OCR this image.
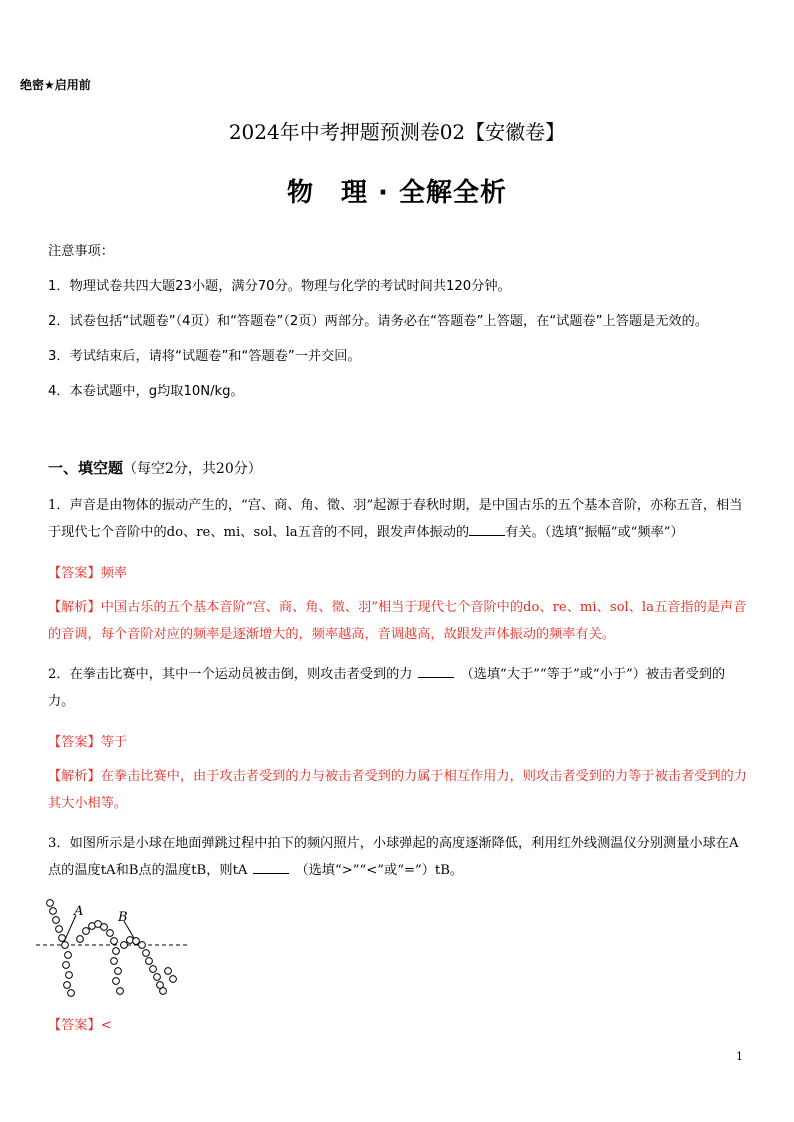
绝密★启用前
2024年中考押题预测卷02【安徽卷】
物　理 · 全解全析
注意事项：
1．物理试卷共四大题23小题，满分70分。物理与化学的考试时间共120分钟。
2．试卷包括“试题卷”（4页）和“答题卷”（2页）两部分。请务必在“答题卷”上答题，在“试题卷”上答题是无效的。
3．考试结束后，请将“试题卷”和“答题卷”一并交回。
4．本卷试题中，g均取10N/kg。
一、填空题（每空2分，共20分）
1．声音是由物体的振动产生的，“宫、商、角、徵、羽”起源于春秋时期，是中国古乐的五个基本音阶，亦称五音，相当于现代七个音阶中的do、re、mi、sol、la五音的不同，跟发声体振动的	有关。（选填“振幅”或“频率”）
【答案】频率
【解析】中国古乐的五个基本音阶“宫、商、角、徵、羽”相当于现代七个音阶中的do、re、mi、sol、la五音指的是声音的音调，每个音阶对应的频率是逐渐增大的，频率越高，音调越高，故跟发声体振动的频率有关。
2．在拳击比赛中，其中一个运动员被击倒，则攻击者受到的力	（选填“大于”“等于”或“小于”）被击者受到的力。
【答案】等于
【解析】在拳击比赛中，由于攻击者受到的力与被击者受到的力属于相互作用力，则攻击者受到的力等于被击者受到的力其大小相等。
3．如图所示是小球在地面弹跳过程中拍下的频闪照片，小球弹起的高度逐渐降低，利用红外线测温仪分别测量小球在A点的温度tA和B点的温度tB，则tA	（选填“>”“<”或“=”）tB。
A	B
【答案】<
1
